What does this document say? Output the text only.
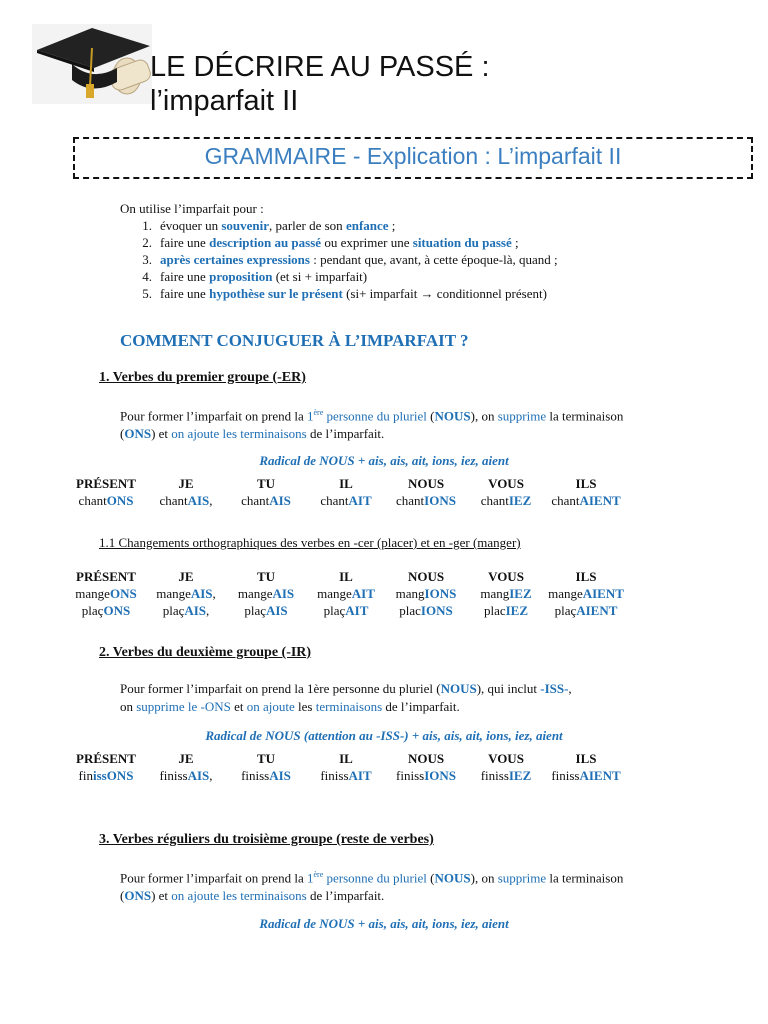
LE DÉCRIRE AU PASSÉ :
l’imparfait II
GRAMMAIRE - Explication : L’imparfait II
On utilise l’imparfait pour :
1. évoquer un souvenir, parler de son enfance ;
2. faire une description au passé ou exprimer une situation du passé ;
3. après certaines expressions : pendant que, avant, à cette époque-là, quand ;
4. faire une proposition (et si + imparfait)
5. faire une hypothèse sur le présent (si+ imparfait → conditionnel présent)
COMMENT CONJUGUER À L’IMPARFAIT ?
1. Verbes du premier groupe (-ER)
Pour former l’imparfait on prend la 1ère personne du pluriel (NOUS), on supprime la terminaison (ONS) et on ajoute les terminaisons de l’imparfait.
Radical de NOUS + ais, ais, ait, ions, iez, aient
PRÉSENT	JE	TU	IL	NOUS	VOUS	ILS
chantONS	chantAIS,	chantAIS	chantAIT	chantIONS	chantIEZ	chantAIENT
1.1 Changements orthographiques des verbes en -cer (placer) et en -ger (manger)
PRÉSENT	JE	TU	IL	NOUS	VOUS	ILS
mangeONS	mangeAIS,	mangeAIS	mangeAIT	mangIONS	mangIEZ	mangeAIENT
plaçONS	plaçAIS,	plaçAIS	plaçAIT	placIONS	placIEZ	plaçAIENT
2. Verbes du deuxième groupe (-IR)
Pour former l’imparfait on prend la 1ère personne du pluriel (NOUS), qui inclut -ISS-,
on supprime le -ONS et on ajoute les terminaisons de l’imparfait.
Radical de NOUS (attention au -ISS-) + ais, ais, ait, ions, iez, aient
PRÉSENT	JE	TU	IL	NOUS	VOUS	ILS
finissONS	finissAIS,	finissAIS	finissAIT	finissIONS	finissIEZ	finissAIENT
3. Verbes réguliers du troisième groupe (reste de verbes)
Pour former l’imparfait on prend la 1ère personne du pluriel (NOUS), on supprime la terminaison (ONS) et on ajoute les terminaisons de l’imparfait.
Radical de NOUS + ais, ais, ait, ions, iez, aient
